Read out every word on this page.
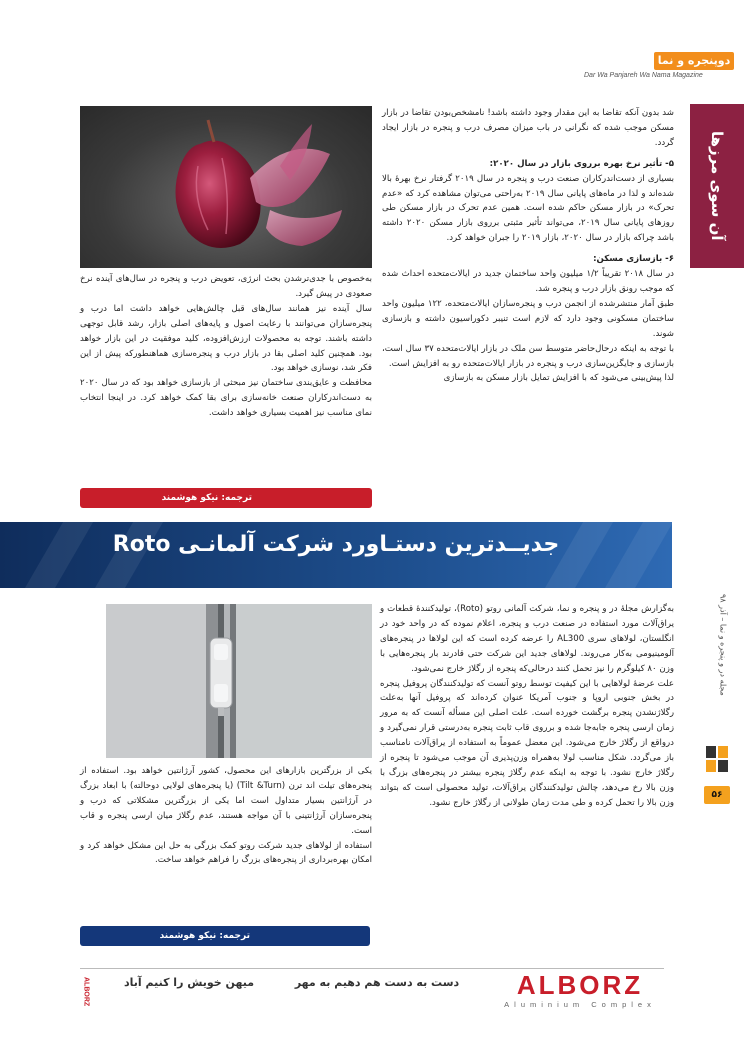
دوپنجره و نما
Dar Wa Panjareh Wa Nama Magazine
آن سوی مرزها

شد بدون آنکه تقاضا به این مقدار وجود داشته باشد! نامشخص‌بودن تقاضا در بازار مسکن موجب شده که نگرانی در باب میزان مصرف درب و پنجره در بازار ایجاد گردد.

۵- تأثیر نرخ بهره برروی بازار در سال ۲۰۲۰:

بسیاری از دست‌اندرکاران صنعت درب و پنجره در سال ۲۰۱۹ گرفتار نرخ بهرهٔ بالا شده‌اند و لذا در ماه‌های پایانی سال ۲۰۱۹ به‌راحتی می‌توان مشاهده کرد که «عدم تحرک» در بازار مسکن حاکم شده است. همین عدم تحرک در بازار مسکن طی روزهای پایانی سال ۲۰۱۹، می‌تواند تأثیر مثبتی برروی بازار مسکن ۲۰۲۰ داشته باشد چراکه بازار در سال ۲۰۲۰، بازار ۲۰۱۹ را جبران خواهد کرد.

۶- بازسازی مسکن:

در سال ۲۰۱۸ تقریباً ۱/۲ میلیون واحد ساختمان جدید در ایالات‌متحده احداث شده که موجب رونق بازار درب و پنجره شد.

طبق آمار منتشرشده از انجمن درب و پنجره‌سازان ایالات‌متحده، ۱۲۲ میلیون واحد ساختمان مسکونی وجود دارد که لازم است تنیبر دکوراسیون داشته و بازسازی شوند.

با توجه به اینکه درحال‌حاضر متوسط سن ملک در بازار ایالات‌متحده ۳۷ سال است، بازسازی و جایگزین‌سازی درب و پنجره در بازار ایالات‌متحده رو به افزایش است.

لذا پیش‌بینی می‌شود که با افزایش تمایل بازار مسکن به بازسازی

به‌خصوص با جدی‌ترشدن بحث انرژی، تعویض درب و پنجره در سال‌های آینده نرخ صعودی در پیش گیرد.

سال آینده نیز همانند سال‌های قبل چالش‌هایی خواهد داشت اما درب و پنجره‌سازان می‌توانند با رعایت اصول و پایه‌های اصلی بازار، رشد قابل توجهی داشته باشند. توجه به محصولات ارزش‌افزوده، کلید موفقیت در این بازار خواهد بود. همچنین کلید اصلی بقا در بازار درب و پنجره‌سازی هماهنطورکه پیش از این فکر شد، نوسازی خواهد بود.

محافظت و عایق‌بندی ساختمان نیز مبحثی از بازسازی خواهد بود که در سال ۲۰۲۰ به دست‌اندرکاران صنعت خانه‌سازی برای بقا کمک خواهد کرد. در اینجا انتخاب نمای مناسب نیز اهمیت بسیاری خواهد داشت.

ترجمه: نیکو هوشمند
جدیــدترین دستـاورد شرکت آلمانـی Roto
مجله در و پنجره و نما – آذر ۹۸
۵۶

به‌گزارش مجلهٔ در و پنجره و نما، شرکت آلمانی روتو (Roto)، تولیدکنندهٔ قطعات و یراق‌آلات مورد استفاده در صنعت درب و پنجره، اعلام نموده که در واحد خود در انگلستان، لولاهای سری AL300 را عرضه کرده است که این لولاها در پنجره‌های آلومینیومی به‌کار می‌روند. لولاهای جدید این شرکت حتی قادرند بار پنجره‌هایی با وزن ۸۰ کیلوگرم را نیز تحمل کنند درحالی‌که پنجره از رگلاژ خارج نمی‌شود.

علت عرضهٔ لولاهایی با این کیفیت توسط روتو آنست که تولیدکنندگان پروفیل پنجره در بخش جنوبی اروپا و جنوب آمریکا عنوان کرده‌اند که پروفیل آنها به‌علت رگلاژنشدن پنجره برگشت خورده است. علت اصلی این مسأله آنست که به مرور زمان ارسی پنجره جابه‌جا شده و برروی قاب ثابت پنجره به‌درستی قرار نمی‌گیرد و درواقع از رگلاژ خارج می‌شود. این معضل عموماً به استفاده از یراق‌آلات نامناسب باز می‌گردد. شکل مناسب لولا به‌همراه وزن‌پذیری آن موجب می‌شود تا پنجره از رگلاژ خارج نشود. با توجه به اینکه عدم رگلاژ پنجره بیشتر در پنجره‌های بزرگ با وزن بالا رخ می‌دهد، چالش تولیدکنندگان یراق‌آلات، تولید محصولی است که بتواند وزن بالا را تحمل کرده و طی مدت زمان طولانی از رگلاژ خارج نشود.

یکی از بزرگترین بازارهای این محصول، کشور آرژانتین خواهد بود. استفاده از پنجره‌های تیلت اند ترن (Tilt &Turn) (یا پنجره‌های لولایی دوحالته) با ابعاد بزرگ در آرژانتین بسیار متداول است اما یکی از بزرگترین مشکلاتی که درب و پنجره‌سازان آرژانتینی با آن مواجه هستند، عدم رگلاژ میان ارسی پنجره و قاب است.

استفاده از لولاهای جدید شرکت روتو کمک بزرگی به حل این مشکل خواهد کرد و امکان بهره‌برداری از پنجره‌های بزرگ را فراهم خواهد ساخت.

ترجمه: نیکو هوشمند
ALBORZ
Aluminium Complex
دست به دست هم دهیم به مهر
میهن خویش را کنیم آباد
ALBORZ
